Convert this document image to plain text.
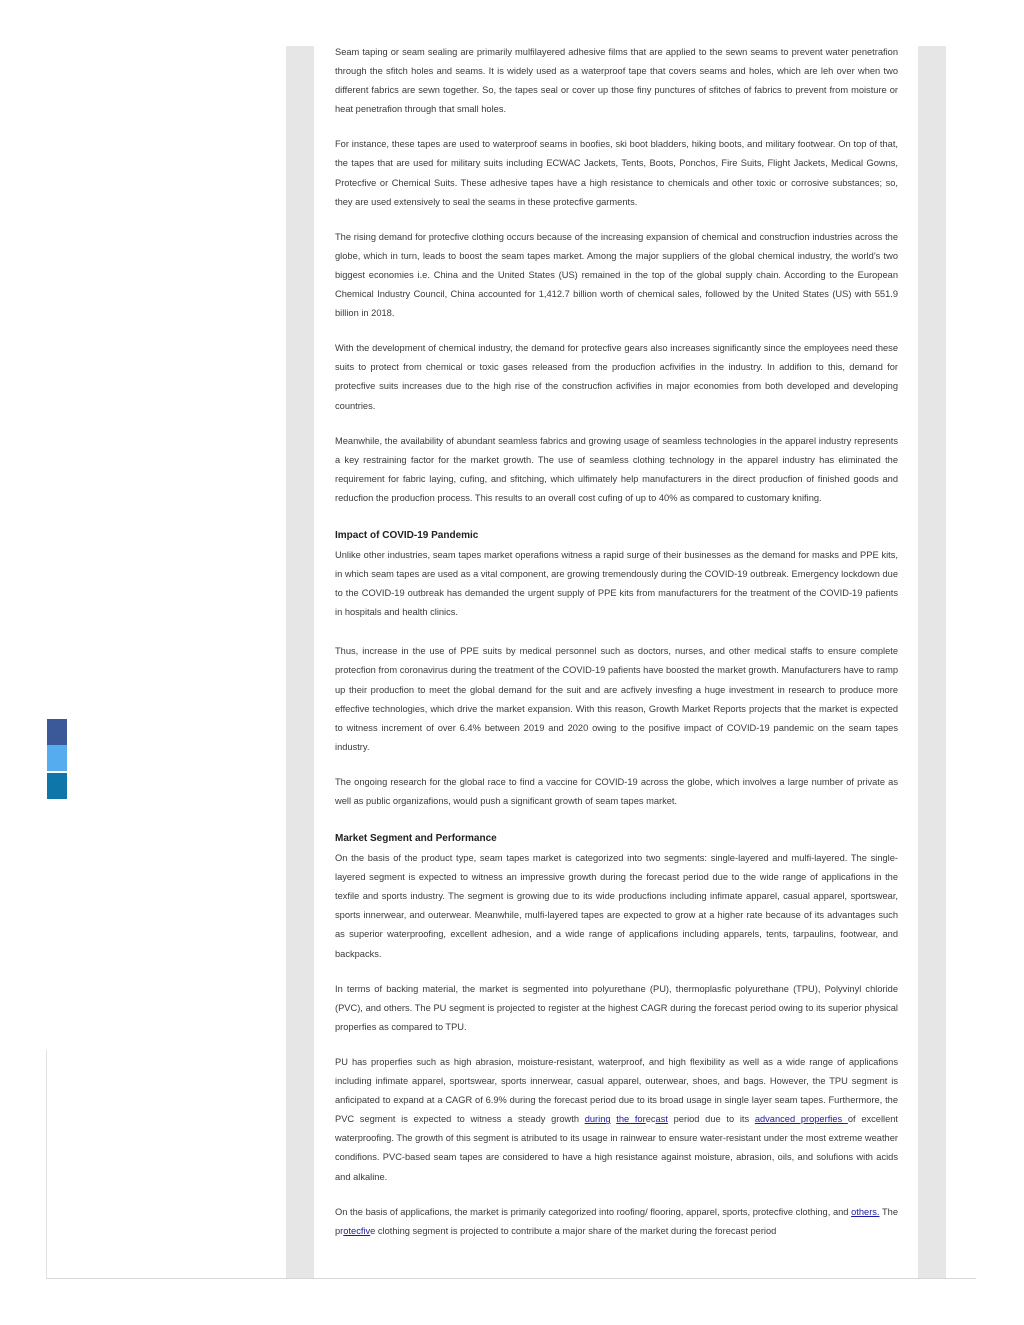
Seam taping or seam sealing are primarily mulfilayered adhesive films that are applied to the sewn seams to prevent water penetrafion through the sfitch holes and seams. It is widely used as a waterproof tape that covers seams and holes, which are leh over when two different fabrics are sewn together. So, the tapes seal or cover up those finy punctures of sfitches of fabrics to prevent from moisture or heat penetrafion through that small holes.

For instance, these tapes are used to waterproof seams in boofies, ski boot bladders, hiking boots, and military footwear. On top of that, the tapes that are used for military suits including ECWAC Jackets, Tents, Boots, Ponchos, Fire Suits, Flight Jackets, Medical Gowns, Protecfive or Chemical Suits. These adhesive tapes have a high resistance to chemicals and other toxic or corrosive substances; so, they are used extensively to seal the seams in these protecfive garments.

The rising demand for protecfive clothing occurs because of the increasing expansion of chemical and construcfion industries across the globe, which in turn, leads to boost the seam tapes market. Among the major suppliers of the global chemical industry, the world’s two biggest economies i.e. China and the United States (US) remained in the top of the global supply chain. According to the European Chemical Industry Council, China accounted for 1,412.7 billion worth of chemical sales, followed by the United States (US) with 551.9 billion in 2018.

With the development of chemical industry, the demand for protecfive gears also increases significantly since the employees need these suits to protect from chemical or toxic gases released from the producfion acfivifies in the industry. In addifion to this, demand for protecfive suits increases due to the high rise of the construcfion acfivifies in major economies from both developed and developing countries.

Meanwhile, the availability of abundant seamless fabrics and growing usage of seamless technologies in the apparel industry represents a key restraining factor for the market growth. The use of seamless clothing technology in the apparel industry has eliminated the requirement for fabric laying, cufing, and sfitching, which ulfimately help manufacturers in the direct producfion of finished goods and reducfion the producfion process. This results to an overall cost cufing of up to 40% as compared to customary knifing.

Impact of COVID-19 Pandemic

Unlike other industries, seam tapes market operafions witness a rapid surge of their businesses as the demand for masks and PPE kits, in which seam tapes are used as a vital component, are growing tremendously during the COVID-19 outbreak. Emergency lockdown due to the COVID-19 outbreak has demanded the urgent supply of PPE kits from manufacturers for the treatment of the COVID-19 pafients in hospitals and health clinics.

Thus, increase in the use of PPE suits by medical personnel such as doctors, nurses, and other medical staffs to ensure complete protecfion from coronavirus during the treatment of the COVID-19 pafients have boosted the market growth. Manufacturers have to ramp up their producfion to meet the global demand for the suit and are acfively invesfing a huge investment in research to produce more effecfive technologies, which drive the market expansion. With this reason, Growth Market Reports projects that the market is expected to witness increment of over 6.4% between 2019 and 2020 owing to the posifive impact of COVID-19 pandemic on the seam tapes industry.

The ongoing research for the global race to find a vaccine for COVID-19 across the globe, which involves a large number of private as well as public organizafions, would push a significant growth of seam tapes market.

Market Segment and Performance

On the basis of the product type, seam tapes market is categorized into two segments: single-layered and mulfi-layered. The single-layered segment is expected to witness an impressive growth during the forecast period due to the wide range of applicafions in the texfile and sports industry. The segment is growing due to its wide producfions including infimate apparel, casual apparel, sportswear, sports innerwear, and outerwear. Meanwhile, mulfi-layered tapes are expected to grow at a higher rate because of its advantages such as superior waterproofing, excellent adhesion, and a wide range of applicafions including apparels, tents, tarpaulins, footwear, and backpacks.

In terms of backing material, the market is segmented into polyurethane (PU), thermoplasfic polyurethane (TPU), Polyvinyl chloride (PVC), and others. The PU segment is projected to register at the highest CAGR during the forecast period owing to its superior physical properfies as compared to TPU.

PU has properfies such as high abrasion, moisture-resistant, waterproof, and high flexibility as well as a wide range of applicafions including infimate apparel, sportswear, sports innerwear, casual apparel, outerwear, shoes, and bags. However, the TPU segment is anficipated to expand at a CAGR of 6.9% during the forecast period due to its broad usage in single layer seam tapes. Furthermore, the PVC segment is expected to witness a steady growth during the forecast period due to its advanced properfies of excellent waterproofing. The growth of this segment is atributed to its usage in rainwear to ensure water-resistant under the most extreme weather condifions. PVC-based seam tapes are considered to have a high resistance against moisture, abrasion, oils, and solufions with acids and alkaline.

On the basis of applicafions, the market is primarily categorized into roofing/ flooring, apparel, sports, protecfive clothing, and others. The protecfive clothing segment is projected to contribute a major share of the market during the forecast period
